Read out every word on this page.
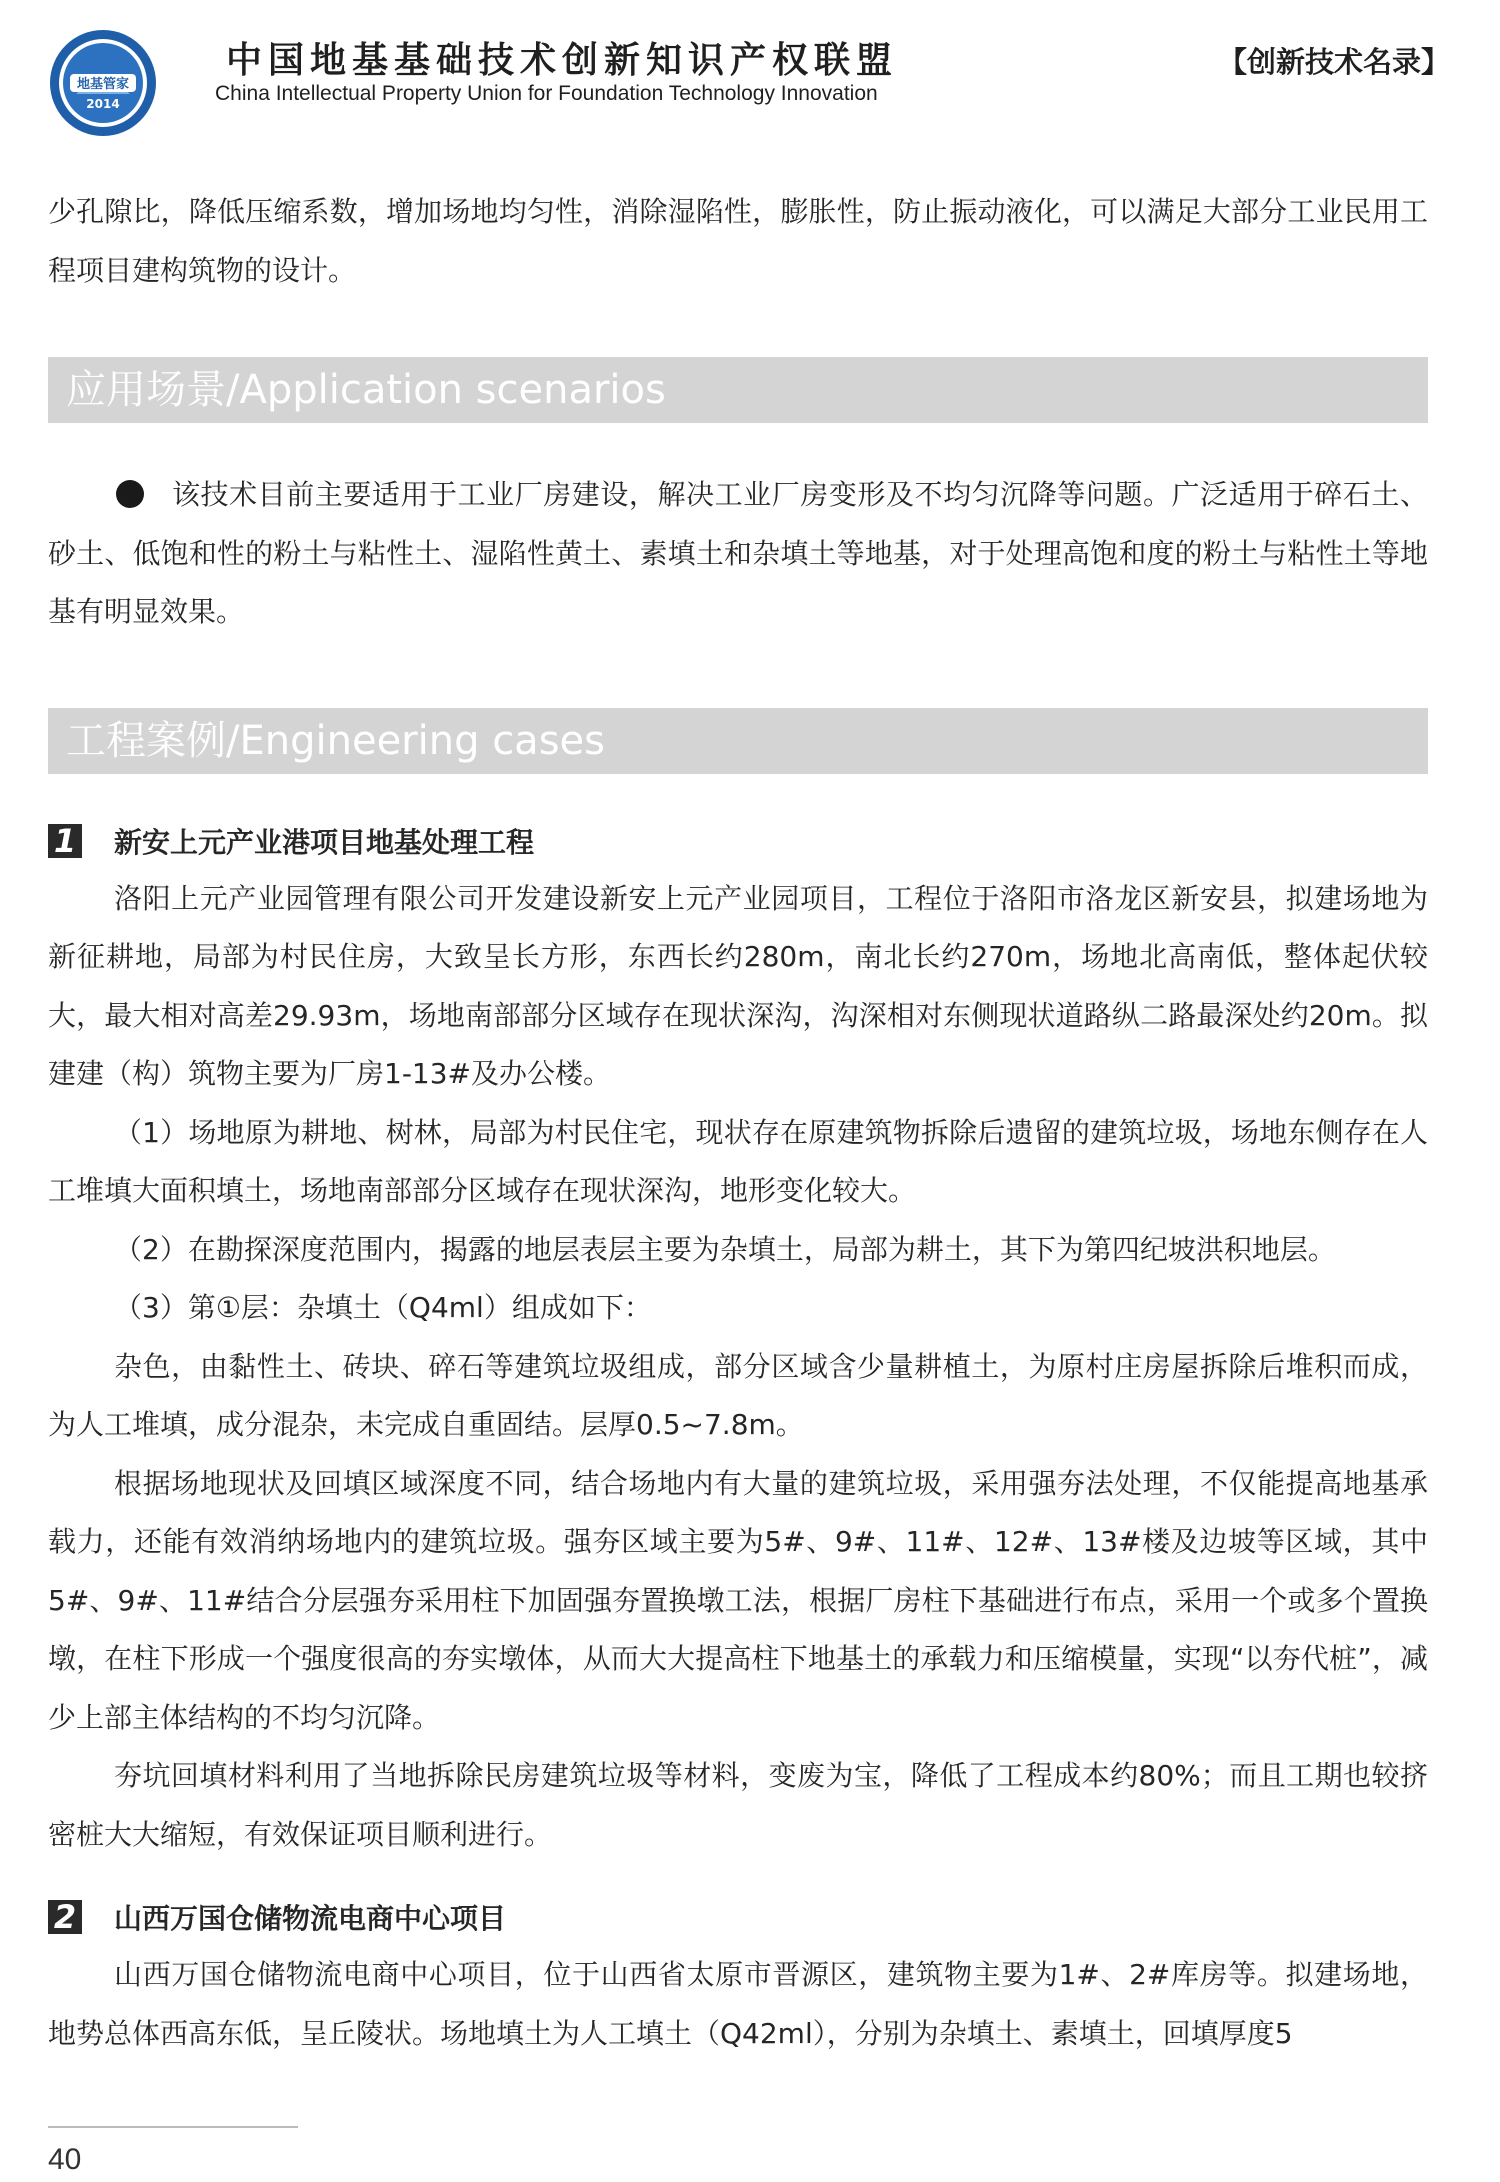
地基管家
2014
中国地基基础技术创新知识产权联盟
China Intellectual Property Union for Foundation Technology Innovation
【创新技术名录】

少孔隙比，降低压缩系数，增加场地均匀性，消除湿陷性，膨胀性，防止振动液化，可以满足大部分工业民用工程项目建构筑物的设计。

应用场景/Application scenarios

该技术目前主要适用于工业厂房建设，解决工业厂房变形及不均匀沉降等问题。广泛适用于碎石土、砂土、低饱和性的粉土与粘性土、湿陷性黄土、素填土和杂填土等地基，对于处理高饱和度的粉土与粘性土等地基有明显效果。

工程案例/Engineering cases
1 新安上元产业港项目地基处理工程

洛阳上元产业园管理有限公司开发建设新安上元产业园项目，工程位于洛阳市洛龙区新安县，拟建场地为新征耕地，局部为村民住房，大致呈长方形，东西长约280m，南北长约270m，场地北高南低，整体起伏较大，最大相对高差29.93m，场地南部部分区域存在现状深沟，沟深相对东侧现状道路纵二路最深处约20m。拟建建（构）筑物主要为厂房1-13#及办公楼。

（1）场地原为耕地、树林，局部为村民住宅，现状存在原建筑物拆除后遗留的建筑垃圾，场地东侧存在人工堆填大面积填土，场地南部部分区域存在现状深沟，地形变化较大。

（2）在勘探深度范围内，揭露的地层表层主要为杂填土，局部为耕土，其下为第四纪坡洪积地层。

（3）第①层：杂填土（Q4ml）组成如下：

杂色，由黏性土、砖块、碎石等建筑垃圾组成，部分区域含少量耕植土，为原村庄房屋拆除后堆积而成，为人工堆填，成分混杂，未完成自重固结。层厚0.5~7.8m。

根据场地现状及回填区域深度不同，结合场地内有大量的建筑垃圾，采用强夯法处理，不仅能提高地基承载力，还能有效消纳场地内的建筑垃圾。强夯区域主要为5#、9#、11#、12#、13#楼及边坡等区域，其中5#、9#、11#结合分层强夯采用柱下加固强夯置换墩工法，根据厂房柱下基础进行布点，采用一个或多个置换墩，在柱下形成一个强度很高的夯实墩体，从而大大提高柱下地基土的承载力和压缩模量，实现“以夯代桩”，减少上部主体结构的不均匀沉降。

夯坑回填材料利用了当地拆除民房建筑垃圾等材料，变废为宝，降低了工程成本约80%；而且工期也较挤密桩大大缩短，有效保证项目顺利进行。

2 山西万国仓储物流电商中心项目

山西万国仓储物流电商中心项目，位于山西省太原市晋源区，建筑物主要为1#、2#库房等。拟建场地，地势总体西高东低，呈丘陵状。场地填土为人工填土（Q42ml），分别为杂填土、素填土，回填厚度5

40
